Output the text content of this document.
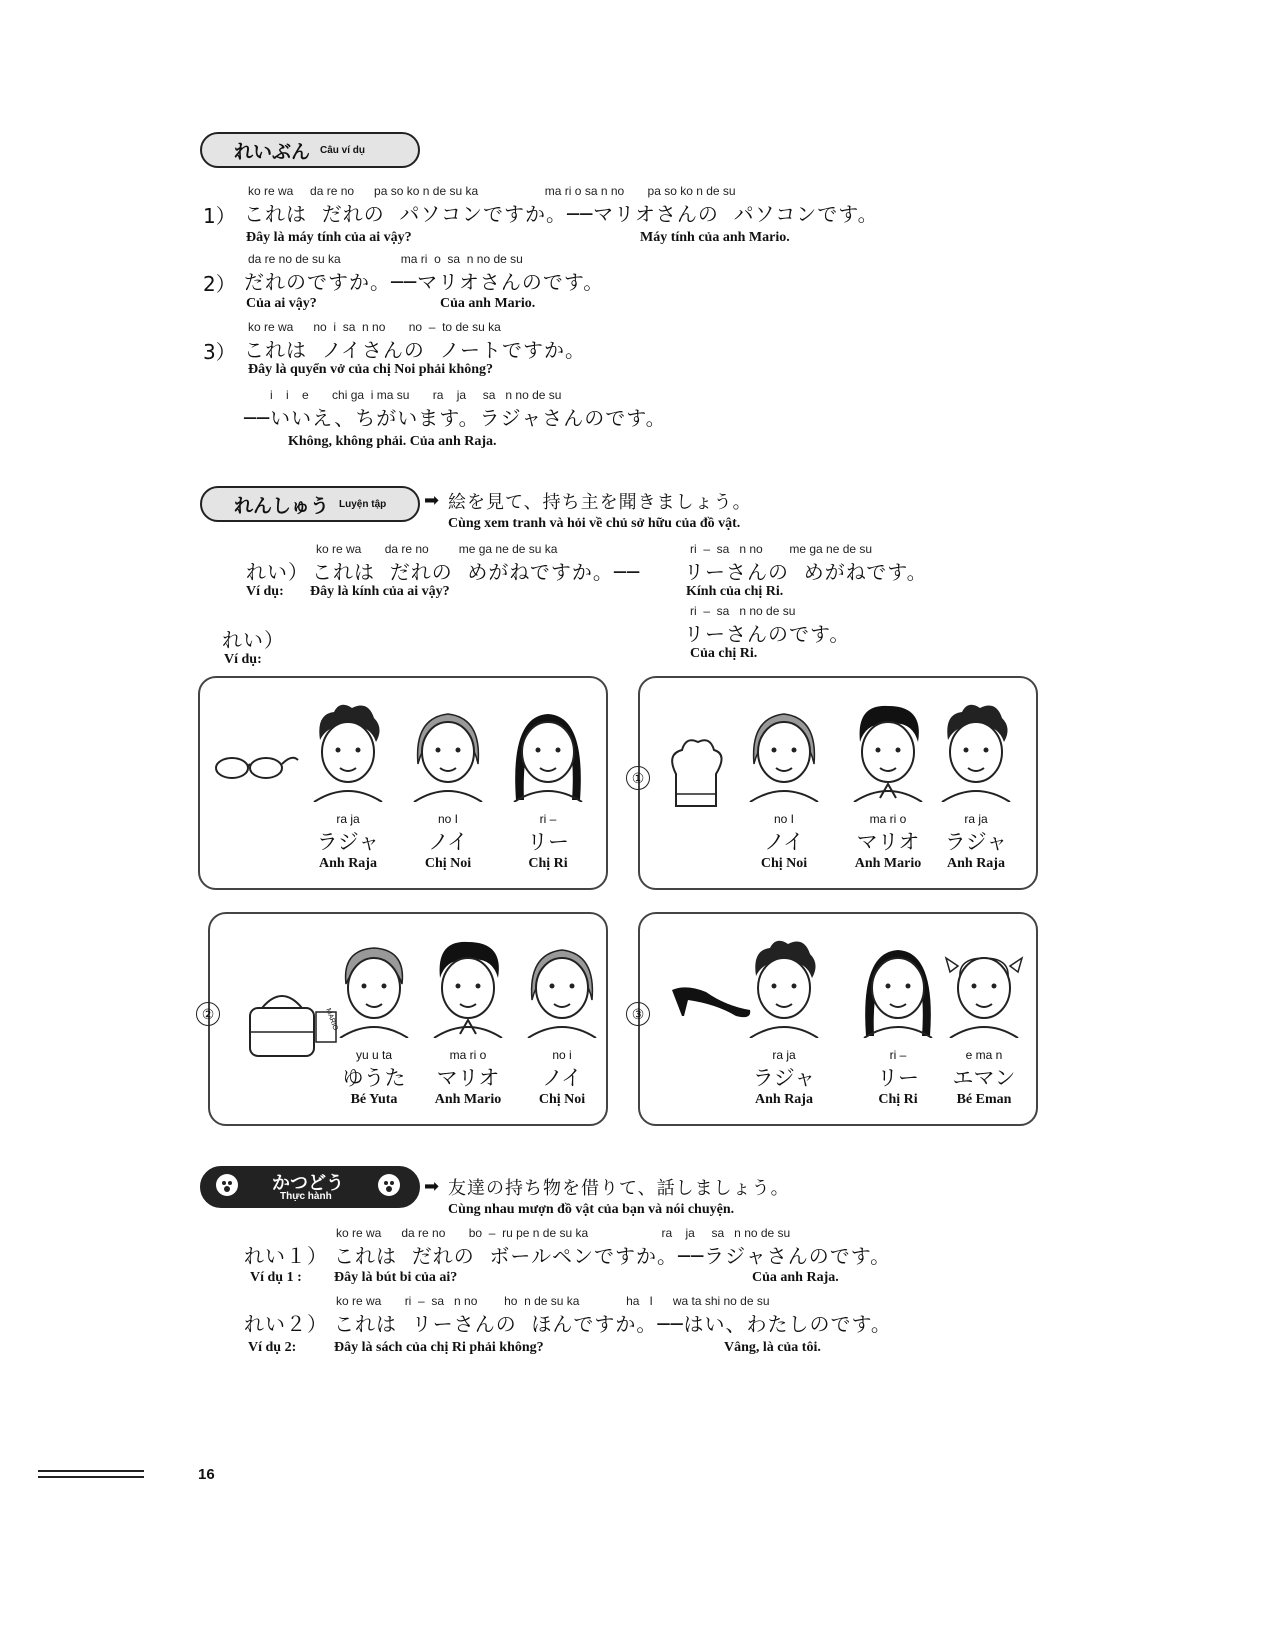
れいぶん Câu ví dụ
ko re wa     da re no      pa so ko n de su ka                    ma ri o sa n no       pa so ko n de su
1） これは  だれの  パソコンですか。──マリオさんの  パソコンです。
Đây là máy tính của ai vậy?	Máy tính của anh Mario.
da re no de su ka                  ma ri  o  sa  n no de su
2） だれのですか。──マリオさんのです。
Của ai vậy?	Của anh Mario.
ko re wa      no  i  sa  n no       no  –  to de su ka
3） これは  ノイさんの  ノートですか。
Đây là quyển vở của chị Noi phải không?
i    i    e       chi ga  i ma su       ra    ja     sa   n no de su
──いいえ、ちがいます。ラジャさんのです。
Không, không phải. Của anh Raja.
れんしゅう Luyện tập ➡ 絵を見て、持ち主を聞きましょう。
Cùng xem tranh và hỏi về chủ sở hữu của đồ vật.
ko re wa       da re no         me ga ne de su ka	ri  –  sa   n no        me ga ne de su
れい） これは  だれの  めがねですか。── リーさんの  めがねです。
Ví dụ: Đây là kính của ai vậy?	Kính của chị Ri.
ri  –  sa   n no de su
リーさんのです。
Của chị Ri.
れい）
Ví dụ:
ra ja
ラジャ
Anh Raja
no I
ノイ
Chị Noi
ri –
リー
Chị Ri
①
no I
ノイ
Chị Noi
ma ri o
マリオ
Anh Mario
ra ja
ラジャ
Anh Raja
②	MARIO
yu u ta
ゆうた
Bé Yuta
ma ri o
マリオ
Anh Mario
no i
ノイ
Chị Noi
③
ra ja
ラジャ
Anh Raja
ri –
リー
Chị Ri
e ma n
エマン
Bé Eman
かつどう
Thực hành	➡ 友達の持ち物を借りて、話しましょう。
Cùng nhau mượn đồ vật của bạn và nói chuyện.
ko re wa      da re no       bo  –  ru pe n de su ka                      ra    ja     sa   n no de su
れい１） これは  だれの  ボールペンですか。──ラジャさんのです。
Ví dụ 1 : Đây là bút bi của ai?	Của anh Raja.
ko re wa       ri  –  sa   n no        ho  n de su ka              ha   I      wa ta shi no de su
れい２） これは  リーさんの  ほんですか。──はい、わたしのです。
Ví dụ 2:	Đây là sách của chị Ri phải không?	Vâng, là của tôi.
16
